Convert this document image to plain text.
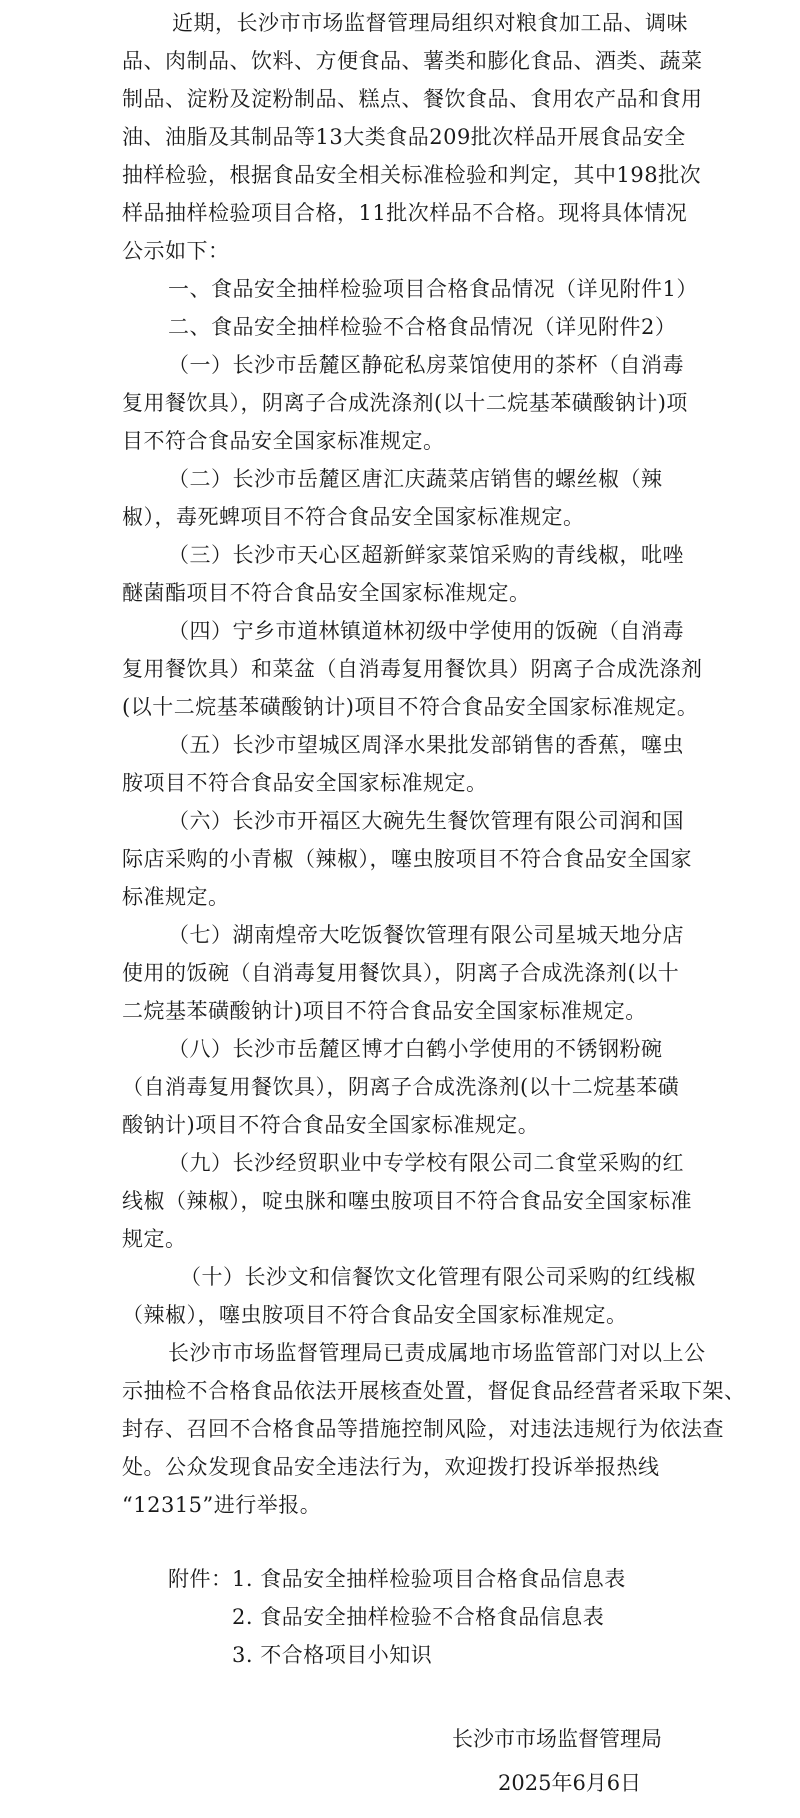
近期，长沙市市场监督管理局组织对粮食加工品、调味
品、肉制品、饮料、方便食品、薯类和膨化食品、酒类、蔬菜
制品、淀粉及淀粉制品、糕点、餐饮食品、食用农产品和食用
油、油脂及其制品等13大类食品209批次样品开展食品安全
抽样检验，根据食品安全相关标准检验和判定，其中198批次
样品抽样检验项目合格，11批次样品不合格。现将具体情况
公示如下：
一、食品安全抽样检验项目合格食品情况（详见附件1）
二、食品安全抽样检验不合格食品情况（详见附件2）
（一）长沙市岳麓区静砣私房菜馆使用的茶杯（自消毒
复用餐饮具），阴离子合成洗涤剂(以十二烷基苯磺酸钠计)项
目不符合食品安全国家标准规定。
（二）长沙市岳麓区唐汇庆蔬菜店销售的螺丝椒（辣
椒），毒死蜱项目不符合食品安全国家标准规定。
（三）长沙市天心区超新鲜家菜馆采购的青线椒，吡唑
醚菌酯项目不符合食品安全国家标准规定。
（四）宁乡市道林镇道林初级中学使用的饭碗（自消毒
复用餐饮具）和菜盆（自消毒复用餐饮具）阴离子合成洗涤剂
(以十二烷基苯磺酸钠计)项目不符合食品安全国家标准规定。
（五）长沙市望城区周泽水果批发部销售的香蕉，噻虫
胺项目不符合食品安全国家标准规定。
（六）长沙市开福区大碗先生餐饮管理有限公司润和国
际店采购的小青椒（辣椒），噻虫胺项目不符合食品安全国家
标准规定。
（七）湖南煌帝大吃饭餐饮管理有限公司星城天地分店
使用的饭碗（自消毒复用餐饮具），阴离子合成洗涤剂(以十
二烷基苯磺酸钠计)项目不符合食品安全国家标准规定。
（八）长沙市岳麓区博才白鹤小学使用的不锈钢粉碗
（自消毒复用餐饮具），阴离子合成洗涤剂(以十二烷基苯磺
酸钠计)项目不符合食品安全国家标准规定。
（九）长沙经贸职业中专学校有限公司二食堂采购的红
线椒（辣椒），啶虫脒和噻虫胺项目不符合食品安全国家标准
规定。
（十）长沙文和信餐饮文化管理有限公司采购的红线椒
（辣椒），噻虫胺项目不符合食品安全国家标准规定。
长沙市市场监督管理局已责成属地市场监管部门对以上公
示抽检不合格食品依法开展核查处置，督促食品经营者采取下架、
封存、召回不合格食品等措施控制风险，对违法违规行为依法查
处。公众发现食品安全违法行为，欢迎拨打投诉举报热线
“12315”进行举报。
附件： 1. 食品安全抽样检验项目合格食品信息表
2. 食品安全抽样检验不合格食品信息表
3. 不合格项目小知识
长沙市市场监督管理局
2025年6月6日
